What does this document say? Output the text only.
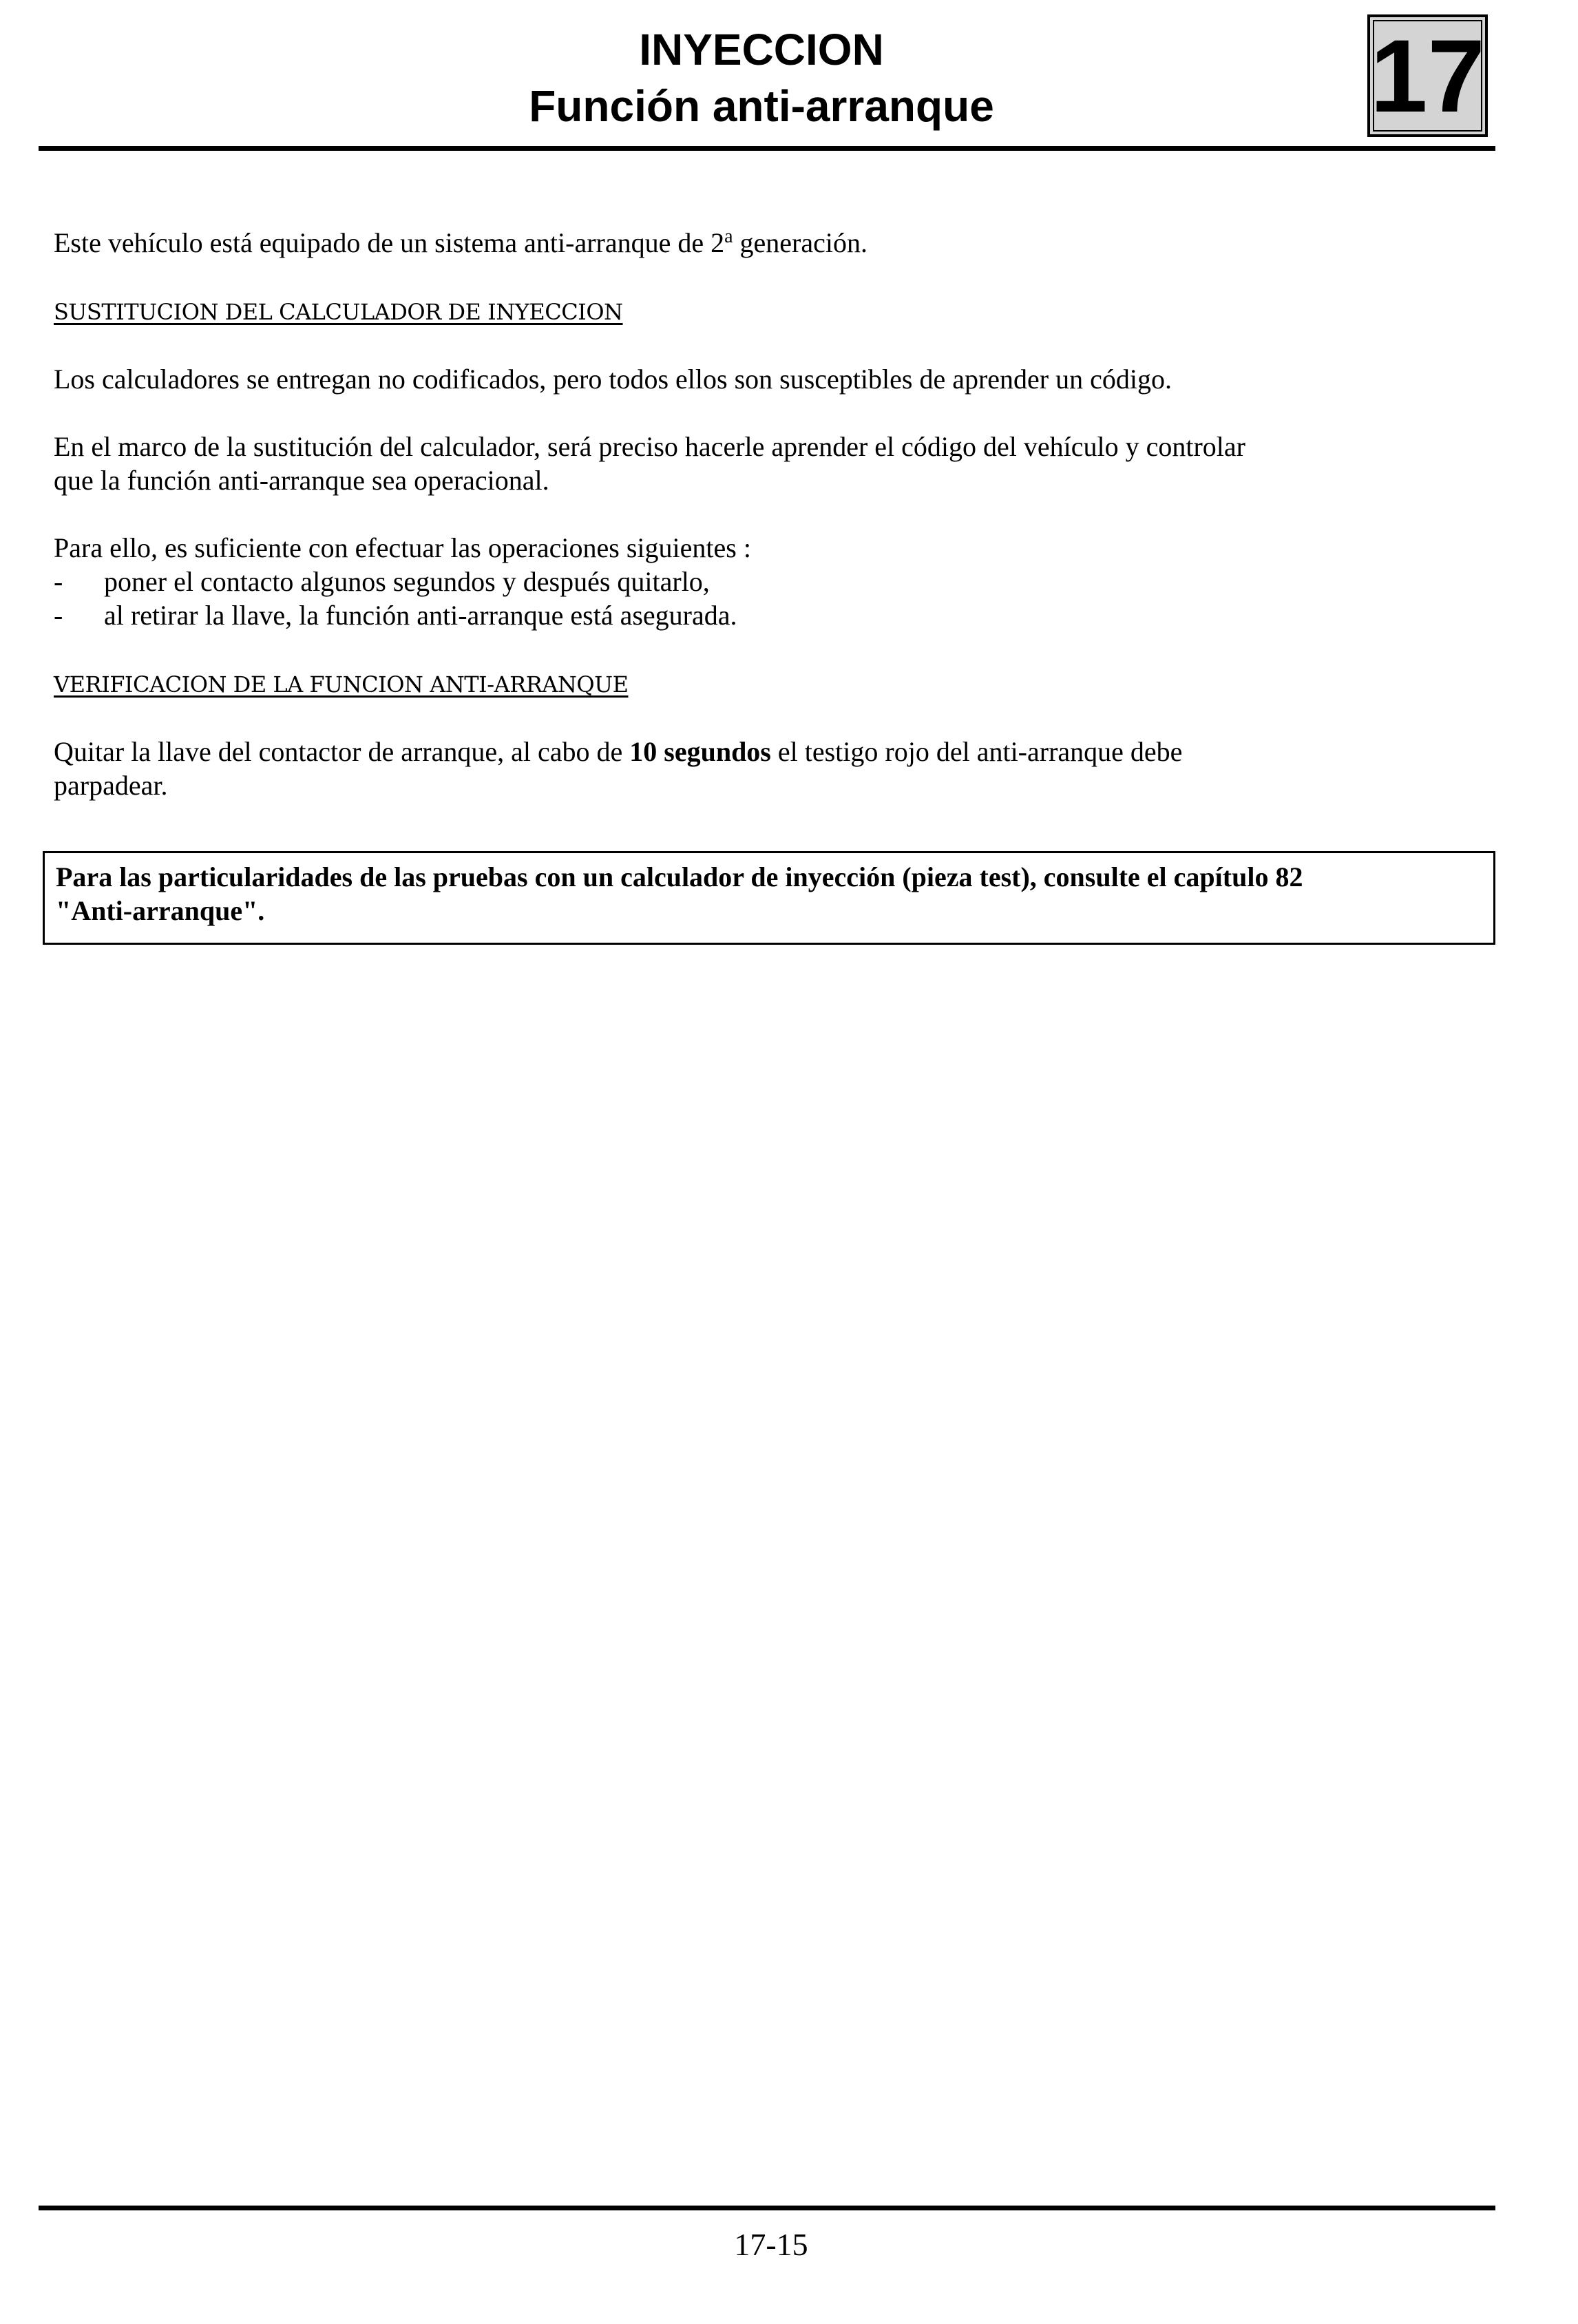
INYECCION
Función anti-arranque	17
Este vehículo está equipado de un sistema anti-arranque de 2$^a$ generación.
SUSTITUCION DEL CALCULADOR DE INYECCION
Los calculadores se entregan no codificados, pero todos ellos son susceptibles de aprender un código.
En el marco de la sustitución del calculador, será preciso hacerle aprender el código del vehículo y controlar
que la función anti-arranque sea operacional.
Para ello, es suficiente con efectuar las operaciones siguientes :
- poner el contacto algunos segundos y después quitarlo,
- al retirar la llave, la función anti-arranque está asegurada.
VERIFICACION DE LA FUNCION ANTI-ARRANQUE
Quitar la llave del contactor de arranque, al cabo de 10 segundos el testigo rojo del anti-arranque debe
parpadear.
Para las particularidades de las pruebas con un calculador de inyección (pieza test), consulte el capítulo 82
"Anti-arranque".
17-15
